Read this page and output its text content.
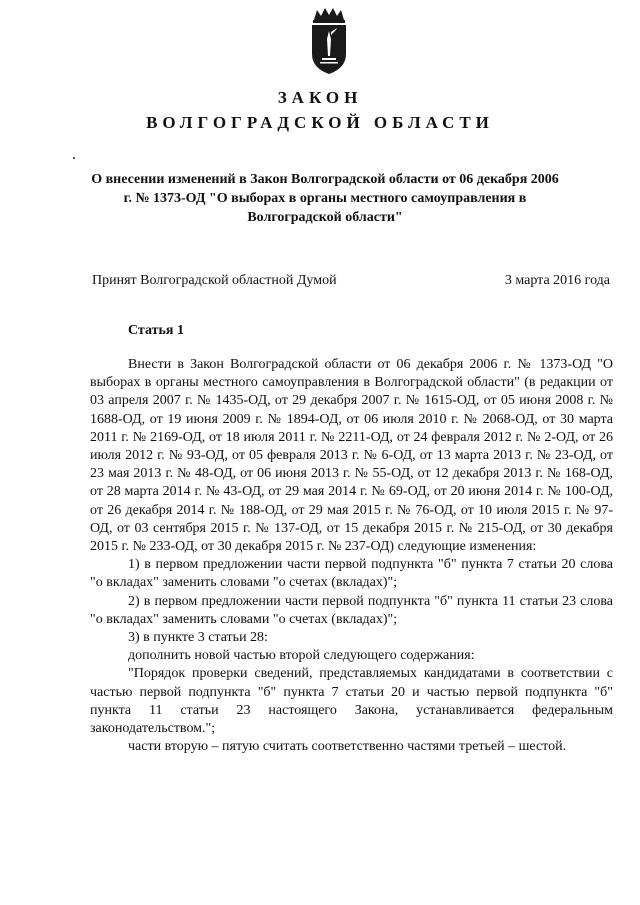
ЗАКОН
ВОЛГОГРАДСКОЙ ОБЛАСТИ
О внесении изменений в Закон Волгоградской области от 06 декабря 2006 г. № 1373-ОД "О выборах в органы местного самоуправления в Волгоградской области"
Принят Волгоградской областной Думой	3 марта 2016 года
Статья 1

Внести в Закон Волгоградской области от 06 декабря 2006 г. № 1373-ОД "О выборах в органы местного самоуправления в Волгоградской области" (в редакции от 03 апреля 2007 г. № 1435-ОД, от 29 декабря 2007 г. № 1615-ОД, от 05 июня 2008 г. № 1688-ОД, от 19 июня 2009 г. № 1894-ОД, от 06 июля 2010 г. № 2068-ОД, от 30 марта 2011 г. № 2169-ОД, от 18 июля 2011 г. № 2211-ОД, от 24 февраля 2012 г. № 2-ОД, от 26 июля 2012 г. № 93-ОД, от 05 февраля 2013 г. № 6-ОД, от 13 марта 2013 г. № 23-ОД, от 23 мая 2013 г. № 48-ОД, от 06 июня 2013 г. № 55-ОД, от 12 декабря 2013 г. № 168-ОД, от 28 марта 2014 г. № 43-ОД, от 29 мая 2014 г. № 69-ОД, от 20 июня 2014 г. № 100-ОД, от 26 декабря 2014 г. № 188-ОД, от 29 мая 2015 г. № 76-ОД, от 10 июля 2015 г. № 97-ОД, от 03 сентября 2015 г. № 137-ОД, от 15 декабря 2015 г. № 215-ОД, от 30 декабря 2015 г. № 233-ОД, от 30 декабря 2015 г. № 237-ОД) следующие изменения:

1) в первом предложении части первой подпункта "б" пункта 7 статьи 20 слова "о вкладах" заменить словами "о счетах (вкладах)";

2) в первом предложении части первой подпункта "б" пункта 11 статьи 23 слова "о вкладах" заменить словами "о счетах (вкладах)";

3) в пункте 3 статьи 28:

дополнить новой частью второй следующего содержания:

"Порядок проверки сведений, представляемых кандидатами в соответствии с частью первой подпункта "б" пункта 7 статьи 20 и частью первой подпункта "б" пункта 11 статьи 23 настоящего Закона, устанавливается федеральным законодательством.";

части вторую – пятую считать соответственно частями третьей – шестой.
